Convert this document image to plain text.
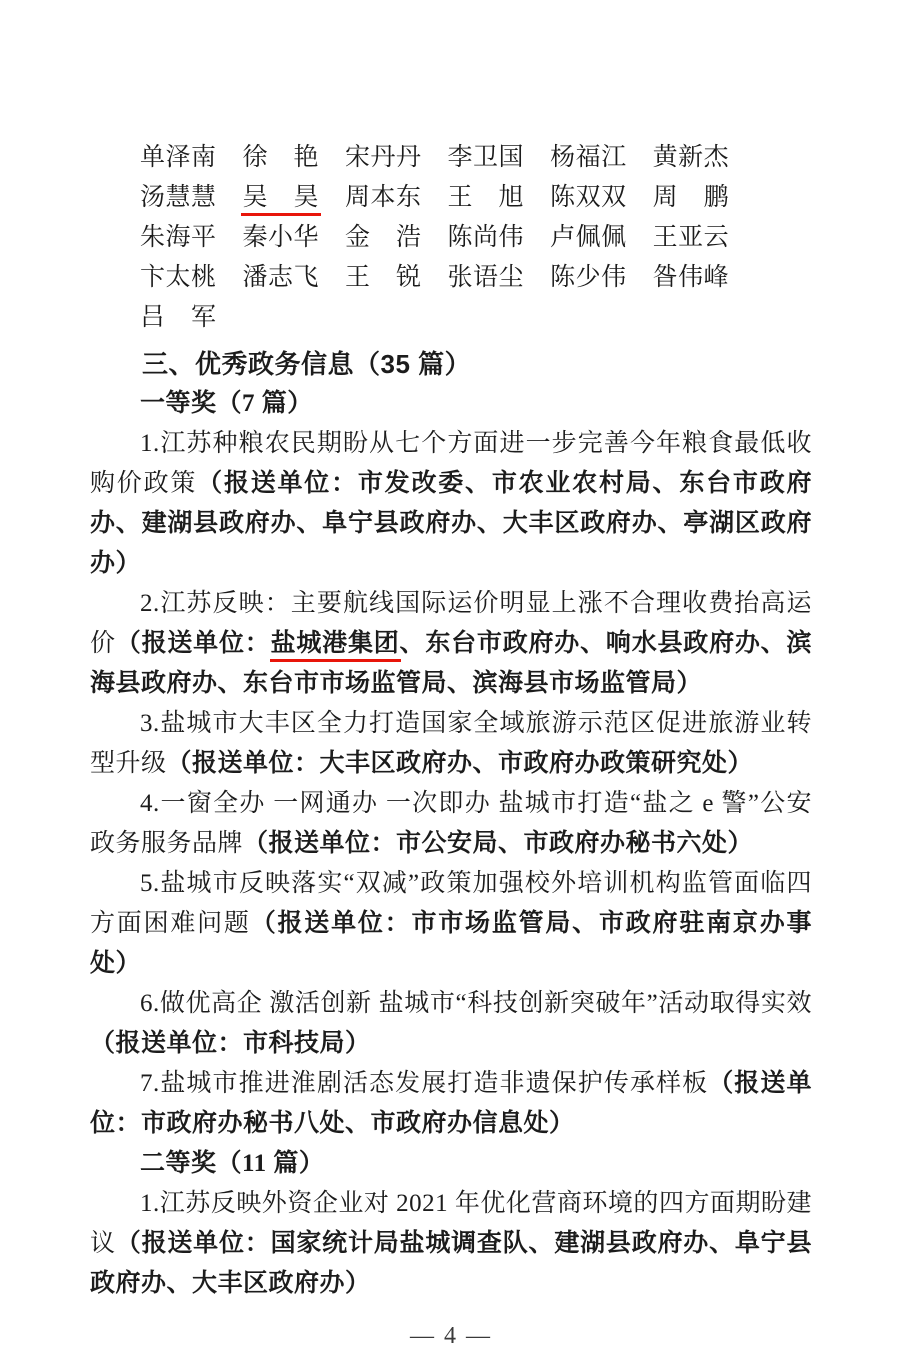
单泽南 徐　艳 宋丹丹 李卫国 杨福江 黄新杰
汤慧慧 吴　昊 周本东 王　旭 陈双双 周　鹏
朱海平 秦小华 金　浩 陈尚伟 卢佩佩 王亚云
卞太桃 潘志飞 王　锐 张语尘 陈少伟 昝伟峰
吕　军
三、优秀政务信息（35 篇）
一等奖（7 篇）

1.江苏种粮农民期盼从七个方面进一步完善今年粮食最低收购价政策（报送单位：市发改委、市农业农村局、东台市政府办、建湖县政府办、阜宁县政府办、大丰区政府办、亭湖区政府办）

2.江苏反映：主要航线国际运价明显上涨不合理收费抬高运价（报送单位：盐城港集团、东台市政府办、响水县政府办、滨海县政府办、东台市市场监管局、滨海县市场监管局）

3.盐城市大丰区全力打造国家全域旅游示范区促进旅游业转型升级（报送单位：大丰区政府办、市政府办政策研究处）

4.一窗全办 一网通办 一次即办 盐城市打造“盐之 e 警”公安政务服务品牌（报送单位：市公安局、市政府办秘书六处）

5.盐城市反映落实“双减”政策加强校外培训机构监管面临四方面困难问题（报送单位：市市场监管局、市政府驻南京办事处）

6.做优高企 激活创新 盐城市“科技创新突破年”活动取得实效（报送单位：市科技局）

7.盐城市推进淮剧活态发展打造非遗保护传承样板（报送单位：市政府办秘书八处、市政府办信息处）

二等奖（11 篇）

1.江苏反映外资企业对 2021 年优化营商环境的四方面期盼建议（报送单位：国家统计局盐城调查队、建湖县政府办、阜宁县政府办、大丰区政府办）

— 4 —
